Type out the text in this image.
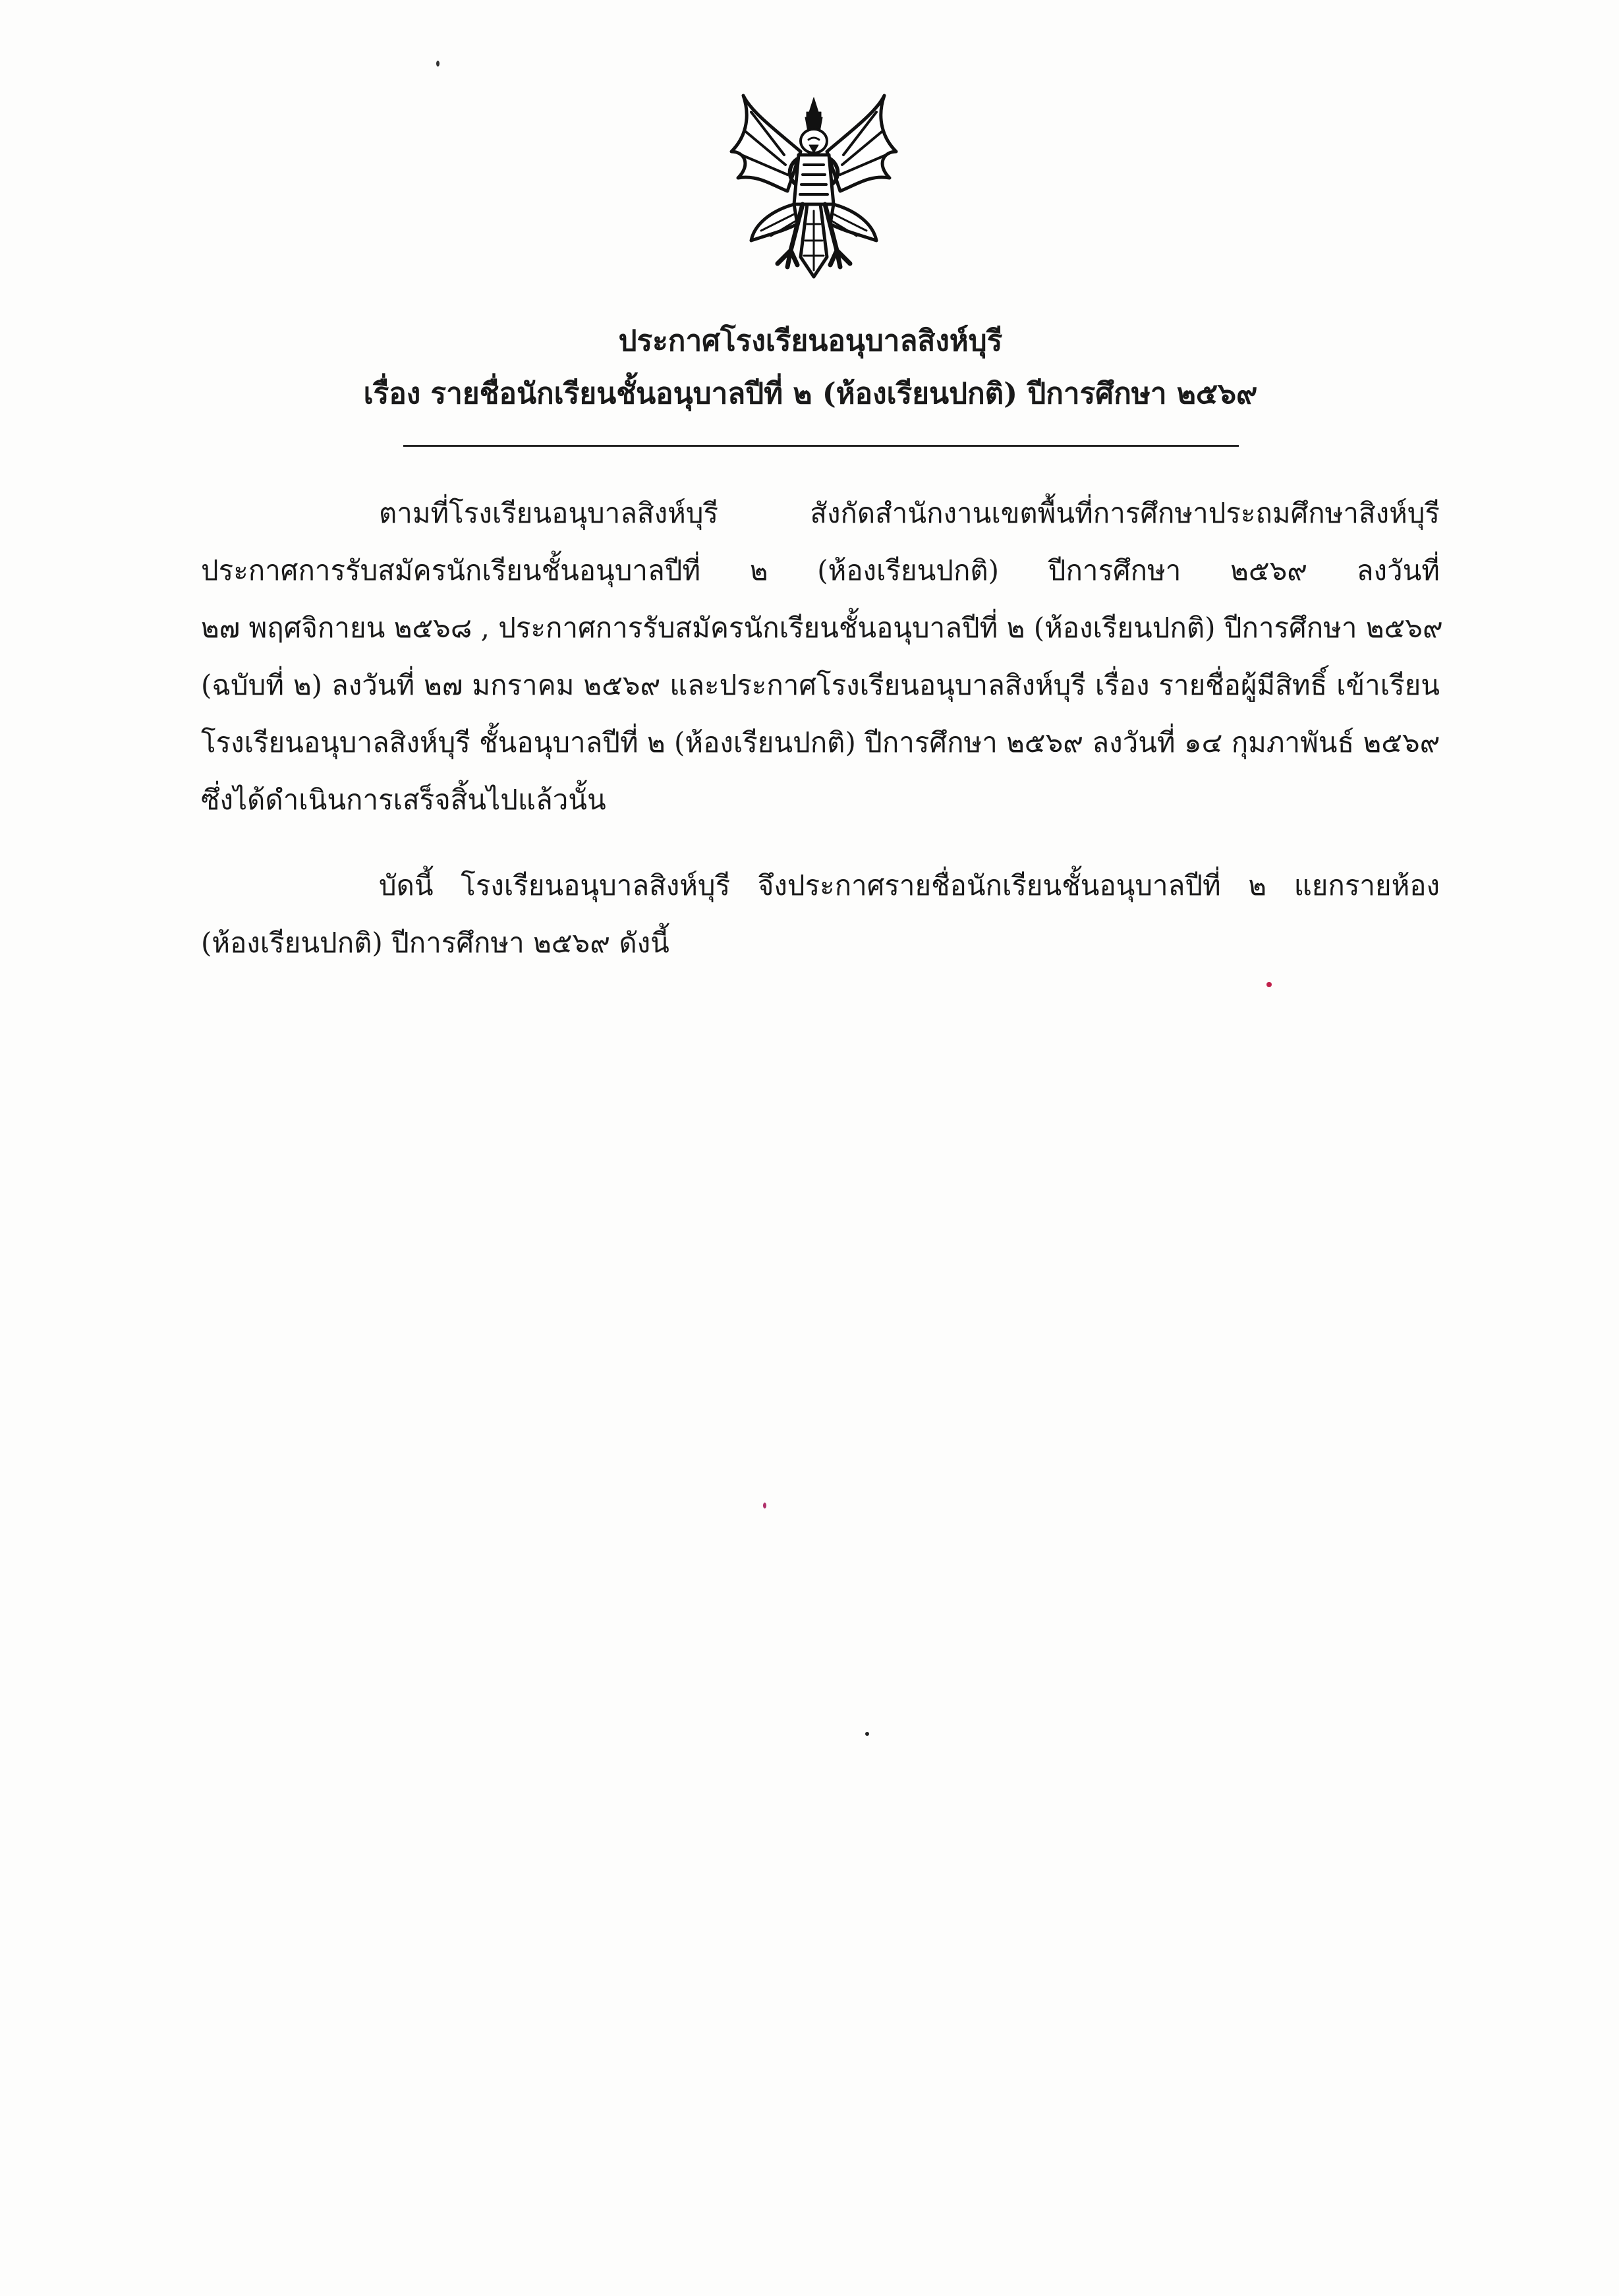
ประกาศโรงเรียนอนุบาลสิงห์บุรี
เรื่อง รายชื่อนักเรียนชั้นอนุบาลปีที่ ๒ (ห้องเรียนปกติ) ปีการศึกษา ๒๕๖๙
ตามที่โรงเรียนอนุบาลสิงห์บุรี สังกัดสำนักงานเขตพื้นที่การศึกษาประถมศึกษาสิงห์บุรี
ประกาศการรับสมัครนักเรียนชั้นอนุบาลปีที่ ๒ (ห้องเรียนปกติ) ปีการศึกษา ๒๕๖๙ ลงวันที่
๒๗ พฤศจิกายน ๒๕๖๘ , ประกาศการรับสมัครนักเรียนชั้นอนุบาลปีที่ ๒ (ห้องเรียนปกติ) ปีการศึกษา ๒๕๖๙
(ฉบับที่ ๒) ลงวันที่ ๒๗ มกราคม ๒๕๖๙ และประกาศโรงเรียนอนุบาลสิงห์บุรี เรื่อง รายชื่อผู้มีสิทธิ์ เข้าเรียน
โรงเรียนอนุบาลสิงห์บุรี ชั้นอนุบาลปีที่ ๒ (ห้องเรียนปกติ) ปีการศึกษา ๒๕๖๙ ลงวันที่ ๑๔ กุมภาพันธ์ ๒๕๖๙
ซึ่งได้ดำเนินการเสร็จสิ้นไปแล้วนั้น
บัดนี้ โรงเรียนอนุบาลสิงห์บุรี จึงประกาศรายชื่อนักเรียนชั้นอนุบาลปีที่ ๒ แยกรายห้อง
(ห้องเรียนปกติ) ปีการศึกษา ๒๕๖๙ ดังนี้
